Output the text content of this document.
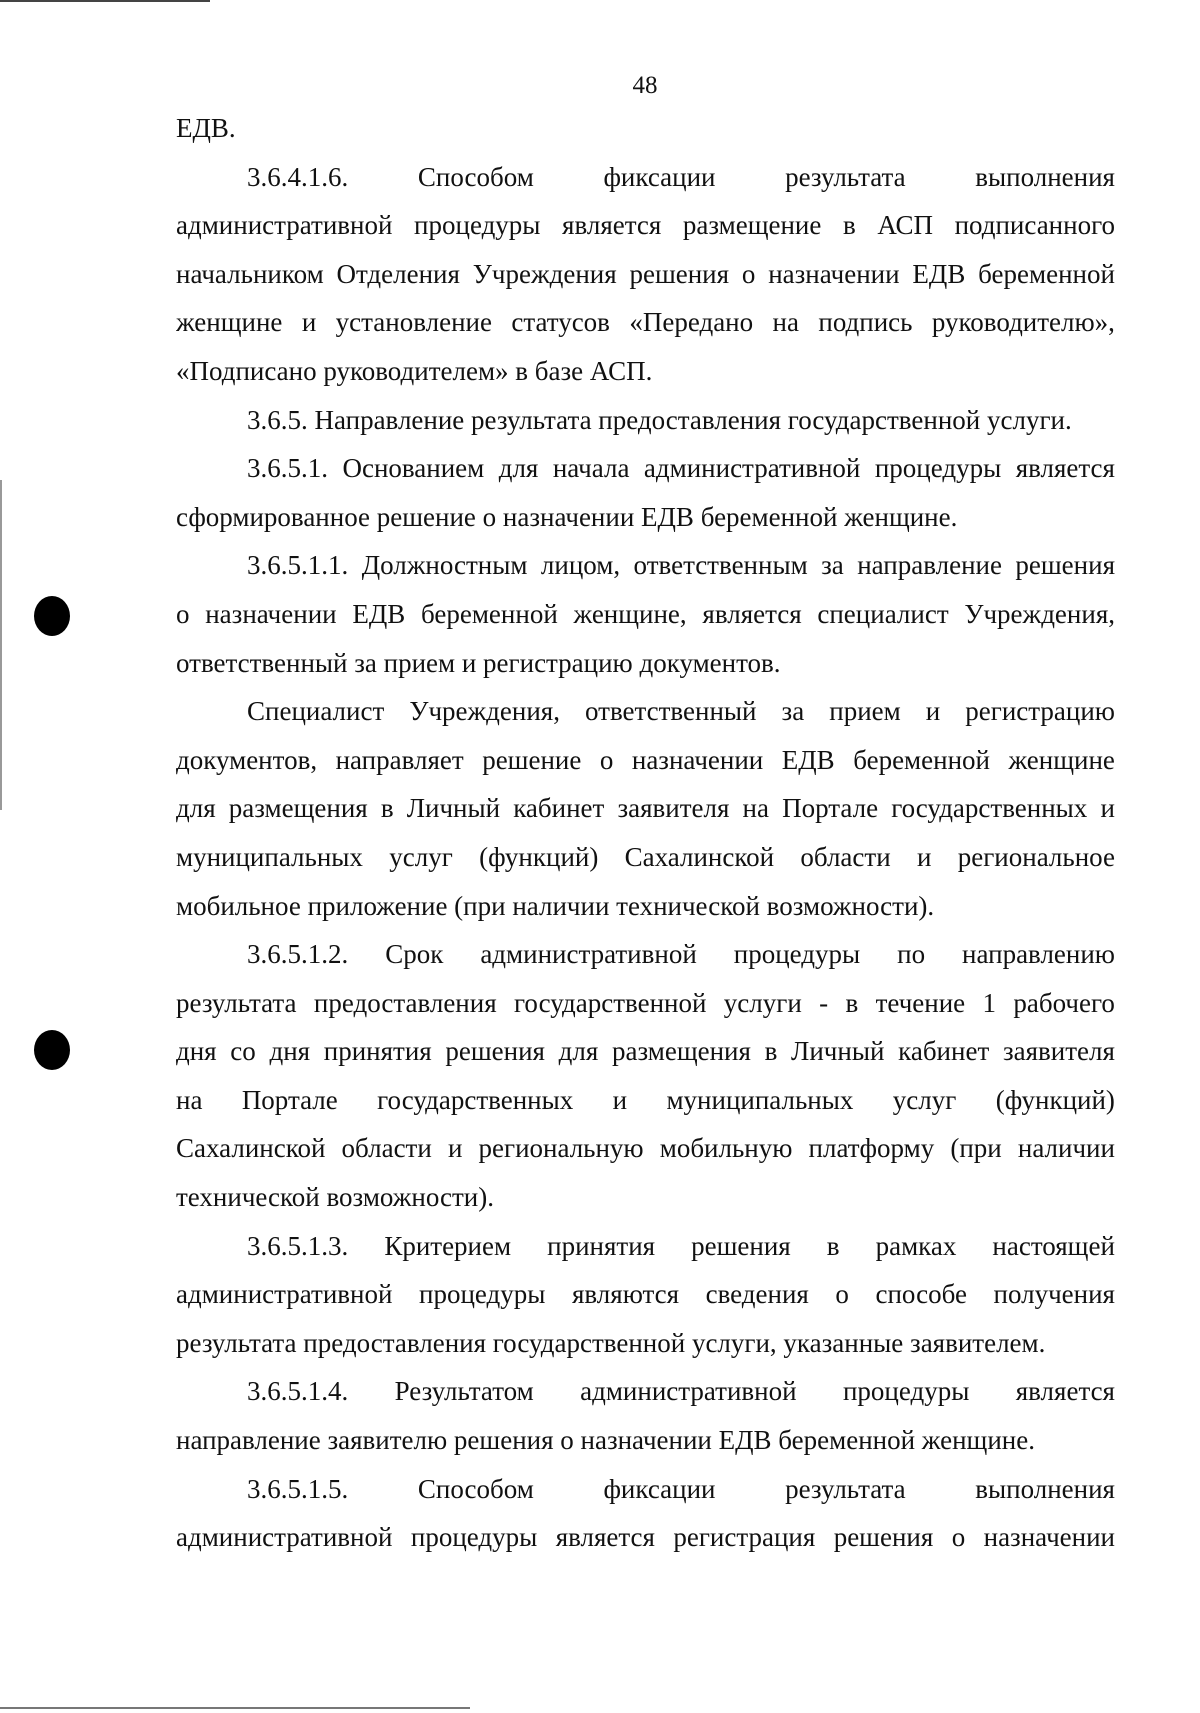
48
ЕДВ.
3.6.4.1.6.	Способом	фиксации	результата	выполнения
административной процедуры является размещение в АСП подписанного
начальником Отделения Учреждения решения о назначении ЕДВ беременной
женщине и установление статусов «Передано на подпись руководителю»,
«Подписано руководителем» в базе АСП.
3.6.5. Направление результата предоставления государственной услуги.
3.6.5.1. Основанием для начала административной процедуры является
сформированное решение о назначении ЕДВ беременной женщине.
3.6.5.1.1. Должностным лицом, ответственным за направление решения
о назначении ЕДВ беременной женщине, является специалист Учреждения,
ответственный за прием и регистрацию документов.
Специалист Учреждения, ответственный за прием и регистрацию
документов, направляет решение о назначении ЕДВ беременной женщине
для размещения в Личный кабинет заявителя на Портале государственных и
муниципальных услуг (функций) Сахалинской области и региональное
мобильное приложение (при наличии технической возможности).
3.6.5.1.2. Срок административной процедуры по направлению
результата предоставления государственной услуги - в течение 1 рабочего
дня со дня принятия решения для размещения в Личный кабинет заявителя
на Портале государственных и муниципальных услуг (функций)
Сахалинской области и региональную мобильную платформу (при наличии
технической возможности).
3.6.5.1.3. Критерием принятия решения в рамках настоящей
административной процедуры являются сведения о способе получения
результата предоставления государственной услуги, указанные заявителем.
3.6.5.1.4. Результатом административной процедуры является
направление заявителю решения о назначении ЕДВ беременной женщине.
3.6.5.1.5.	Способом	фиксации	результата	выполнения
административной процедуры является регистрация решения о назначении
